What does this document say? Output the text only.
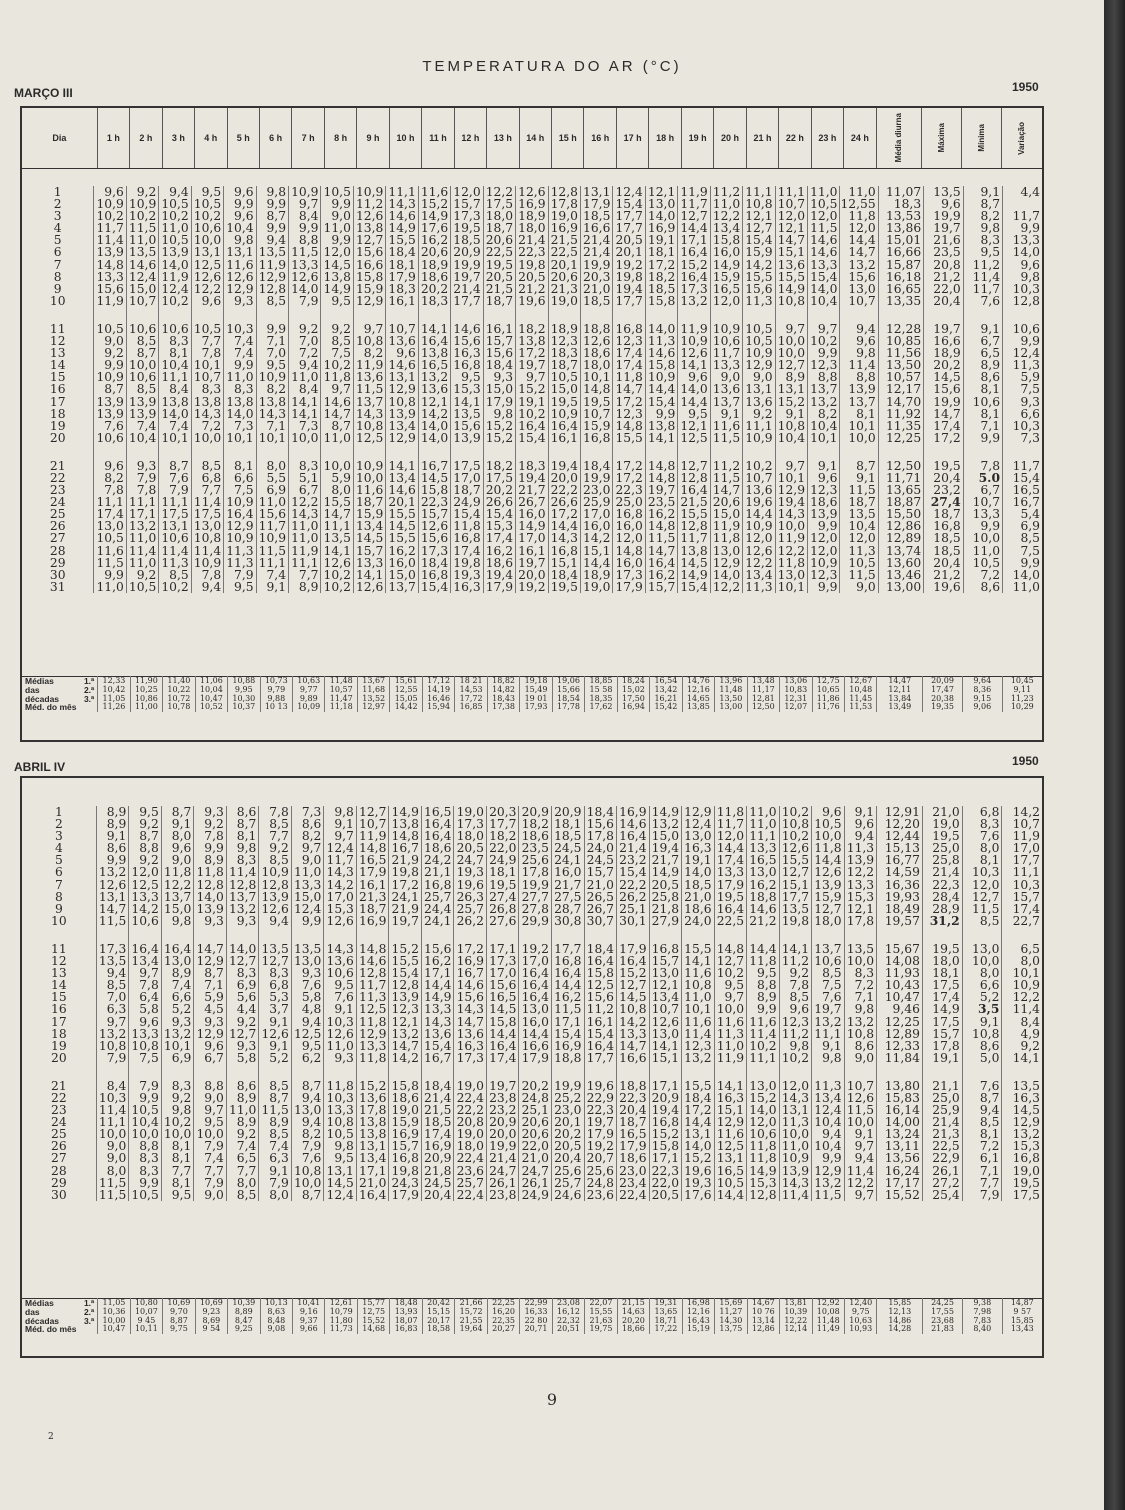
TEMPERATURA DO AR (°C)
MARÇO III	1950
Dia	1 h	2 h	3 h	4 h	5 h	6 h	7 h	8 h	9 h	10 h	11 h	12 h	13 h	14 h	15 h	16 h	17 h	18 h	19 h	20 h	21 h	22 h	23 h	24 h	Média diurna	Máxima	Mínima	Variação
1	9,6	9,2	9,4	9,5	9,6	9,8	10,9	10,5	10,9	11,1	11,6	12,0	12,2	12,6	12,8	13,1	12,4	12,1	11,9	11,2	11,1	11,1	11,0	11,0	11,07	13,5	9,1	4,4
2	10,9	10,9	10,5	10,5	9,9	9,9	9,7	9,9	11,2	14,3	15,2	15,7	17,5	16,9	17,8	17,9	15,4	13,0	11,7	11,0	10,8	10,7	10,5	12,55	18,3	9,6	8,7	
3	10,2	10,2	10,2	10,2	9,6	8,7	8,4	9,0	12,6	14,6	14,9	17,3	18,0	18,9	19,0	18,5	17,7	14,0	12,7	12,2	12,1	12,0	12,0	11,8	13,53	19,9	8,2	11,7
4	11,7	11,5	11,0	10,6	10,4	9,9	9,9	11,0	13,8	14,9	17,6	19,5	18,7	18,0	16,9	16,6	17,7	16,9	14,4	13,4	12,7	12,1	11,5	12,0	13,86	19,7	9,8	9,9
5	11,4	11,0	10,5	10,0	9,8	9,4	8,8	9,9	12,7	15,5	16,2	18,5	20,6	21,4	21,5	21,4	20,5	19,1	17,1	15,8	15,4	14,7	14,6	14,4	15,01	21,6	8,3	13,3
6	13,9	13,5	13,9	13,1	13,1	13,5	11,5	12,0	15,6	18,4	20,6	20,9	22,5	22,3	22,5	21,4	20,1	18,1	16,4	16,0	15,9	15,1	14,6	14,7	16,66	23,5	9,5	14,0
7	14,8	14,6	14,0	12,5	11,6	11,9	13,3	14,5	16,6	18,1	18,9	19,9	19,5	19,8	20,1	19,9	19,2	17,2	15,2	14,9	14,2	13,6	13,3	13,2	15,87	20,8	11,2	9,6
8	13,3	12,4	11,9	12,6	12,6	12,9	12,6	13,8	15,8	17,9	18,6	19,7	20,5	20,5	20,6	20,3	19,8	18,2	16,4	15,9	15,5	15,5	15,4	15,6	16,18	21,2	11,4	9,8
9	15,6	15,0	12,4	12,2	12,9	12,8	14,0	14,9	15,9	18,3	20,2	21,4	21,5	21,2	21,3	21,0	19,4	18,5	17,3	16,5	15,6	14,9	14,0	13,0	16,65	22,0	11,7	10,3
10	11,9	10,7	10,2	9,6	9,3	8,5	7,9	9,5	12,9	16,1	18,3	17,7	18,7	19,6	19,0	18,5	17,7	15,8	13,2	12,0	11,3	10,8	10,4	10,7	13,35	20,4	7,6	12,8

11	10,5	10,6	10,6	10,5	10,3	9,9	9,2	9,2	9,7	10,7	14,1	14,6	16,1	18,2	18,9	18,8	16,8	14,0	11,9	10,9	10,5	9,7	9,7	9,4	12,28	19,7	9,1	10,6
12	9,0	8,5	8,3	7,7	7,4	7,1	7,0	8,5	10,8	13,6	16,4	15,6	15,7	13,8	12,3	12,6	12,3	11,3	10,9	10,6	10,5	10,0	10,2	9,6	10,85	16,6	6,7	9,9
13	9,2	8,7	8,1	7,8	7,4	7,0	7,2	7,5	8,2	9,6	13,8	16,3	15,6	17,2	18,3	18,6	17,4	14,6	12,6	11,7	10,9	10,0	9,9	9,8	11,56	18,9	6,5	12,4
14	9,9	10,0	10,4	10,1	9,9	9,5	9,4	10,2	11,9	14,6	16,5	16,8	18,4	19,7	18,7	18,0	17,4	15,8	14,1	13,3	12,9	12,7	12,3	11,4	13,50	20,2	8,9	11,3
15	10,9	10,6	11,1	10,7	11,0	10,9	11,0	11,8	13,6	13,1	13,2	9,5	9,3	9,7	10,5	10,1	11,8	10,9	9,6	9,0	9,0	8,9	8,8	8,8	10,57	14,5	8,6	5,9
16	8,7	8,5	8,4	8,3	8,3	8,2	8,4	9,7	11,5	12,9	13,6	15,3	15,0	15,2	15,0	14,8	14,7	14,4	14,0	13,6	13,1	13,1	13,7	13,9	12,17	15,6	8,1	7,5
17	13,9	13,9	13,8	13,8	13,8	13,8	14,1	14,6	13,7	10,8	12,1	14,1	17,9	19,1	19,5	19,5	17,2	15,4	14,4	13,7	13,6	15,2	13,2	13,7	14,70	19,9	10,6	9,3
18	13,9	13,9	14,0	14,3	14,0	14,3	14,1	14,7	14,3	13,9	14,2	13,5	9,8	10,2	10,9	10,7	12,3	9,9	9,5	9,1	9,2	9,1	8,2	8,1	11,92	14,7	8,1	6,6
19	7,6	7,4	7,4	7,2	7,3	7,1	7,3	8,7	10,8	13,4	14,0	15,6	15,2	16,4	16,4	15,9	14,8	13,8	12,1	11,6	11,1	10,8	10,4	10,1	11,35	17,4	7,1	10,3
20	10,6	10,4	10,1	10,0	10,1	10,1	10,0	11,0	12,5	12,9	14,0	13,9	15,2	15,4	16,1	16,8	15,5	14,1	12,5	11,5	10,9	10,4	10,1	10,0	12,25	17,2	9,9	7,3

21	9,6	9,3	8,7	8,5	8,1	8,0	8,3	10,0	10,9	14,1	16,7	17,5	18,2	18,3	19,4	18,4	17,2	14,8	12,7	11,2	10,2	9,7	9,1	8,7	12,50	19,5	7,8	11,7
22	8,2	7,9	7,6	6,8	6,6	5,5	5,1	5,9	10,0	13,4	14,5	17,0	17,5	19,4	20,0	19,9	17,2	14,8	12,8	11,5	10,7	10,1	9,6	9,1	11,71	20,4	5.0	15,4
23	7,8	7,8	7,9	7,7	7,5	6,9	6,7	8,0	11,6	14,6	15,8	18,7	20,2	21,7	22,2	23,0	22,3	19,7	16,4	14,7	13,6	12,9	12,3	11,5	13,65	23,2	6,7	16,5
24	11,1	11,1	11,1	11,4	10,9	11,0	12,2	15,5	18,7	20,1	22,3	24,9	26,6	26,7	26,6	25,9	25,0	23,5	21,5	20,6	19,6	19,4	18,6	18,7	18,87	27,4	10,7	16,7
25	17,4	17,1	17,5	17,5	16,4	15,6	14,3	14,7	15,9	15,5	15,7	15,4	15,4	16,0	17,2	17,0	16,8	16,2	15,5	15,0	14,4	14,3	13,9	13,5	15,50	18,7	13,3	5,4
26	13,0	13,2	13,1	13,0	12,9	11,7	11,0	11,1	13,4	14,5	12,6	11,8	15,3	14,9	14,4	16,0	16,0	14,8	12,8	11,9	10,9	10,0	9,9	10,4	12,86	16,8	9,9	6,9
27	10,5	11,0	10,6	10,8	10,9	10,9	11,0	13,5	14,5	15,5	15,6	16,8	17,4	17,0	14,3	14,2	12,0	11,5	11,7	11,8	12,0	11,9	12,0	12,0	12,89	18,5	10,0	8,5
28	11,6	11,4	11,4	11,4	11,3	11,5	11,9	14,1	15,7	16,2	17,3	17,4	16,2	16,1	16,8	15,1	14,8	14,7	13,8	13,0	12,6	12,2	12,0	11,3	13,74	18,5	11,0	7,5
29	11,5	11,0	11,3	10,9	11,3	11,1	11,1	12,6	13,3	16,0	18,4	19,8	18,6	19,7	15,1	14,4	16,0	16,4	14,5	12,9	12,2	11,8	10,9	10,5	13,60	20,4	10,5	9,9
30	9,9	9,2	8,5	7,8	7,9	7,4	7,7	10,2	14,1	15,0	16,8	19,3	19,4	20,0	18,4	18,9	17,3	16,2	14,9	14,0	13,4	13,0	12,3	11,5	13,46	21,2	7,2	14,0
31	11,0	10,5	10,2	9,4	9,5	9,1	8,9	10,2	12,6	13,7	15,4	16,3	17,9	19,2	19,5	19,0	17,9	15,7	15,4	12,2	11,3	10,1	9,9	9,0	13,00	19,6	8,6	11,0
Médias 1.ª	12,33	11,90	11,40	11,06	10,88	10,73	10,63	11,48	13,67	15,61	17,12	18 21	18,82	19,18	19,06	18,85	18,24	16,54	14,76	13,96	13,48	13,06	12,75	12,67	14,47	20,09	9,64	10,45
das 2.ª	10,42	10,25	10,22	10,04	9,95	9,79	9,77	10,57	11,68	12,55	14,19	14,53	14,82	15,49	15,66	15 58	15,02	13,42	12,16	11,48	11,17	10,83	10,65	10,48	12,11	17,47	8,36	9,11
décadas 3.ª	11,05	10,86	10,72	10,47	10,30	9,88	9,89	11,47	13,52	15,05	16,46	17,72	18,43	19 01	18,54	18,35	17,50	16,21	14,65	13,50	12,81	12,31	11,86	11,45	13,84	20,38	9,15	11,23
Méd. do mês	11,26	11,00	10,78	10,52	10,37	10 13	10,09	11,18	12,97	14,42	15,94	16,85	17,38	17,93	17,78	17,62	16,94	15,42	13,85	13,00	12,50	12,07	11,76	11,53	13,49	19,35	9,06	10,29
ABRIL IV	1950
1	8,9	9,5	8,7	9,3	8,6	7,8	7,3	9,8	12,7	14,9	16,5	19,0	20,3	20,9	20,9	18,4	16,9	14,9	12,9	11,8	11,0	10,2	9,6	9,1	12,91	21,0	6,8	14,2
2	8,9	9,2	9,1	9,2	8,7	8,5	8,6	9,1	10,7	13,8	16,4	17,3	17,7	18,2	18,1	15,6	14,6	13,2	12,4	11,7	11,0	10,8	10,5	9,6	12,20	19,0	8,3	10,7
3	9,1	8,7	8,0	7,8	8,1	7,7	8,2	9,7	11,9	14,8	16,4	18,0	18,2	18,6	18,5	17,8	16,4	15,0	13,0	12,0	11,1	10,2	10,0	9,4	12,44	19,5	7,6	11,9
4	8,6	8,8	9,6	9,9	9,8	9,2	9,7	12,4	14,8	16,7	18,6	20,5	22,0	23,5	24,5	24,0	21,4	19,4	16,3	14,4	13,3	12,6	11,8	11,3	15,13	25,0	8,0	17,0
5	9,9	9,2	9,0	8,9	8,3	8,5	9,0	11,7	16,5	21,9	24,2	24,7	24,9	25,6	24,1	24,5	23,2	21,7	19,1	17,4	16,5	15,5	14,4	13,9	16,77	25,8	8,1	17,7
6	13,2	12,0	11,8	11,8	11,4	10,9	11,0	14,3	17,9	19,8	21,1	19,3	18,1	17,8	16,0	15,7	15,4	14,9	14,0	13,3	13,0	12,7	12,6	12,2	14,59	21,4	10,3	11,1
7	12,6	12,5	12,2	12,8	12,8	12,8	13,3	14,2	16,1	17,2	16,8	19,6	19,5	19,9	21,7	21,0	22,2	20,5	18,5	17,9	16,2	15,1	13,9	13,3	16,36	22,3	12,0	10,3
8	13,1	13,3	13,7	14,0	13,7	13,9	15,0	17,0	21,3	24,1	25,7	26,3	27,4	27,7	27,5	26,5	26,2	25,8	21,0	19,5	18,8	17,7	15,9	15,3	19,93	28,4	12,7	15,7
9	14,7	14,2	15,0	13,9	13,2	12,6	12,4	15,3	18,7	21,9	24,4	25,7	26,8	27,8	28,7	26,7	25,1	21,8	18,6	16,4	14,6	13,5	12,7	12,1	18,49	28,9	11,5	17,4
10	11,5	10,6	9,8	9,3	9,3	9,4	9,9	12,6	16,9	19,7	24,1	26,2	27,6	29,9	30,8	30,7	30,1	27,9	24,0	22,5	21,2	19,8	18,0	17,8	19,57	31,2	8,5	22,7

11	17,3	16,4	16,4	14,7	14,0	13,5	13,5	14,3	14,8	15,2	15,6	17,2	17,1	19,2	17,7	18,4	17,9	16,8	15,5	14,8	14,4	14,1	13,7	13,5	15,67	19,5	13,0	6,5
12	13,5	13,4	13,0	12,9	12,7	12,7	13,0	13,6	14,6	15,5	16,2	16,9	17,3	17,0	16,8	16,4	16,4	15,7	14,1	12,7	11,8	11,2	10,6	10,0	14,08	18,0	10,0	8,0
13	9,4	9,7	8,9	8,7	8,3	8,3	9,3	10,6	12,8	15,4	17,1	16,7	17,0	16,4	16,4	15,8	15,2	13,0	11,6	10,2	9,5	9,2	8,5	8,3	11,93	18,1	8,0	10,1
14	8,5	7,8	7,4	7,1	6,9	6,8	7,6	9,5	11,7	12,8	14,4	14,6	15,6	16,4	14,4	12,5	12,7	12,1	10,8	9,5	8,8	7,8	7,5	7,2	10,43	17,5	6,6	10,9
15	7,0	6,4	6,6	5,9	5,6	5,3	5,8	7,6	11,3	13,9	14,9	15,6	16,5	16,4	16,2	15,6	14,5	13,4	11,0	9,7	8,9	8,5	7,6	7,1	10,47	17,4	5,2	12,2
16	6,3	5,8	5,2	4,5	4,4	3,7	4,8	9,1	12,5	12,3	13,3	14,3	14,5	13,0	11,5	11,2	10,8	10,7	10,1	10,0	9,9	9,6	19,7	9,8	9,46	14,9	3,5	11,4
17	9,7	9,6	9,3	9,3	9,2	9,1	9,4	10,3	11,8	12,1	14,3	14,7	15,8	16,0	17,1	16,1	14,2	12,6	11,6	11,6	11,6	12,3	13,2	13,2	12,25	17,5	9,1	8,4
18	13,2	13,3	13,2	12,9	12,7	12,6	12,5	12,6	12,9	13,2	13,6	13,6	14,4	14,4	15,4	15,4	13,3	13,0	11,4	11,3	11,4	11,2	11,1	10,8	12,89	15,7	10,8	4,9
19	10,8	10,8	10,1	9,6	9,3	9,1	9,5	11,0	13,3	14,7	15,4	16,3	16,4	16,6	16,9	16,4	14,7	14,1	12,3	11,0	10,2	9,8	9,1	8,6	12,33	17,8	8,6	9,2
20	7,9	7,5	6,9	6,7	5,8	5,2	6,2	9,3	11,8	14,2	16,7	17,3	17,4	17,9	18,8	17,7	16,6	15,1	13,2	11,9	11,1	10,2	9,8	9,0	11,84	19,1	5,0	14,1

21	8,4	7,9	8,3	8,8	8,6	8,5	8,7	11,8	15,2	15,8	18,4	19,0	19,7	20,2	19,9	19,6	18,8	17,1	15,5	14,1	13,0	12,0	11,3	10,7	13,80	21,1	7,6	13,5
22	10,3	9,9	9,2	9,0	8,9	8,7	9,4	10,3	13,6	18,6	21,4	22,4	23,8	24,8	25,2	22,9	22,3	20,9	18,4	16,3	15,2	14,3	13,4	12,6	15,83	25,0	8,7	16,3
23	11,4	10,5	9,8	9,7	11,0	11,5	13,0	13,3	17,8	19,0	21,5	22,2	23,2	25,1	23,0	22,3	20,4	19,4	17,2	15,1	14,0	13,1	12,4	11,5	16,14	25,9	9,4	14,5
24	11,1	10,4	10,2	9,5	8,9	8,9	9,4	10,8	13,8	15,9	18,5	20,8	20,9	20,6	20,1	19,7	18,7	16,8	14,4	12,9	12,0	11,3	10,4	10,0	14,00	21,4	8,5	12,9
25	10,0	10,0	10,0	10,0	9,2	8,5	8,2	10,5	13,8	16,9	17,4	19,0	20,0	20,6	20,2	17,9	16,5	15,2	13,1	11,6	10,6	10,0	9,4	9,1	13,24	21,3	8,1	13,2
26	9,0	8,8	8,1	7,9	7,4	7,4	7,9	9,8	13,1	15,7	16,9	18,0	19,9	22,0	20,5	19,2	17,9	15,8	14,0	12,5	11,8	11,0	10,4	9,7	13,11	22,5	7,2	15,3
27	9,0	8,3	8,1	7,4	6,5	6,3	7,6	9,5	13,4	16,8	20,9	22,4	21,4	21,0	20,4	20,7	18,6	17,1	15,2	13,1	11,8	10,9	9,9	9,4	13,56	22,9	6,1	16,8
28	8,0	8,3	7,7	7,7	7,7	9,1	10,8	13,1	17,1	19,8	21,8	23,6	24,7	24,7	25,6	25,6	23,0	22,3	19,6	16,5	14,9	13,9	12,9	11,4	16,24	26,1	7,1	19,0
29	11,5	9,9	8,1	7,9	8,0	7,9	10,0	14,5	21,0	24,3	24,5	25,7	26,1	26,1	25,7	24,8	23,4	22,0	19,3	10,5	15,3	14,3	13,2	12,2	17,17	27,2	7,7	19,5
30	11,5	10,5	9,5	9,0	8,5	8,0	8,7	12,4	16,4	17,9	20,4	22,4	23,8	24,9	24,6	23,6	22,4	20,5	17,6	14,4	12,8	11,4	11,5	9,7	15,52	25,4	7,9	17,5
Médias 1.ª	11,05	10,80	10,69	10,69	10,39	10,13	10,41	12,61	15,77	18,48	20,42	21,66	22,25	22,99	23,08	22,07	21,15	19,31	16,98	15,69	14,67	13,81	12,92	12,40	15,85	24,25	9,38	14,87
das 2.ª	10,36	10,07	9,70	9,23	8,89	8,63	9,16	10,79	12,75	13,93	15,15	15,72	16,20	16,33	16,12	15,55	14,63	13,65	12,16	11,27	10 76	10,39	10,08	9,75	12,13	17,55	7,98	9 57
décadas 3.ª	10,00	9 45	8,87	8,69	8,47	8,48	9,37	11,80	15,52	18,07	20,17	21,55	22,35	22 80	22,32	21,63	20,20	18,71	16,43	14,30	13,14	12,22	11,48	10,63	14,86	23,68	7,83	15,85
Méd. do mês	10,47	10,11	9,75	9 54	9,25	9,08	9,66	11,73	14,68	16,83	18,58	19,64	20,27	20,71	20,51	19,75	18,66	17,22	15,19	13,75	12,86	12,14	11,49	10,93	14,28	21,83	8,40	13,43
9
2
